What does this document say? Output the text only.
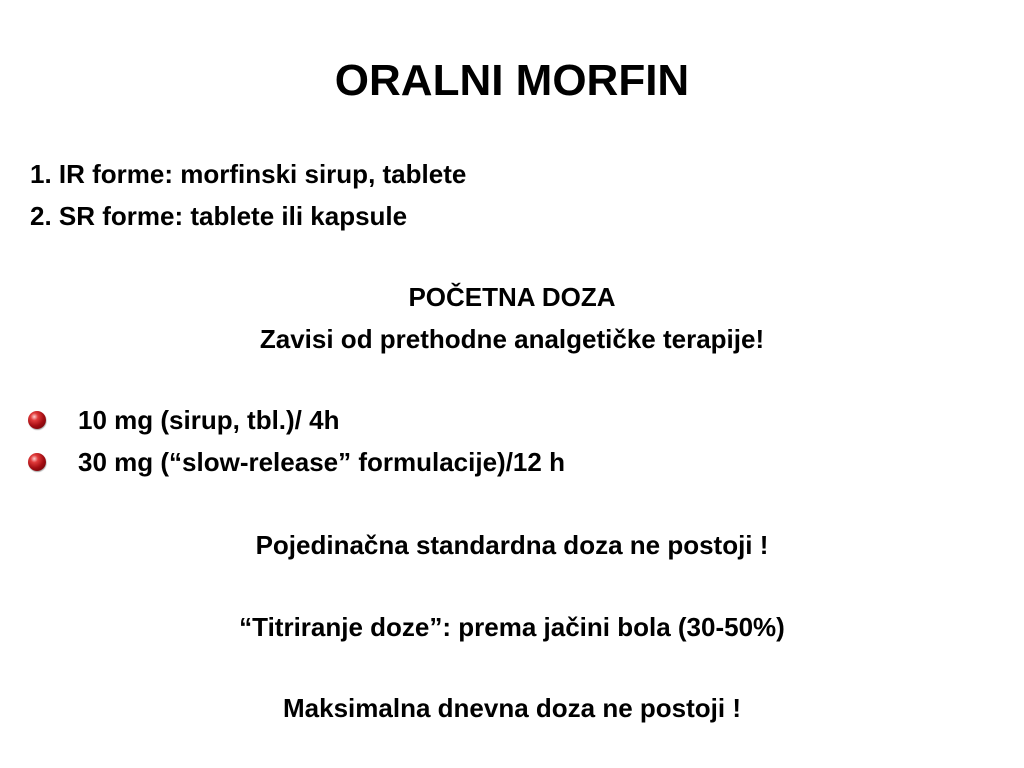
ORALNI MORFIN
1. IR forme: morfinski sirup, tablete
2. SR forme: tablete ili kapsule
POČETNA DOZA
Zavisi od prethodne analgetičke terapije!
10 mg (sirup, tbl.)/ 4h
30 mg (“slow-release” formulacije)/12 h
Pojedinačna standardna doza ne postoji !
“Titriranje doze”: prema jačini bola (30-50%)
Maksimalna dnevna doza ne postoji !
